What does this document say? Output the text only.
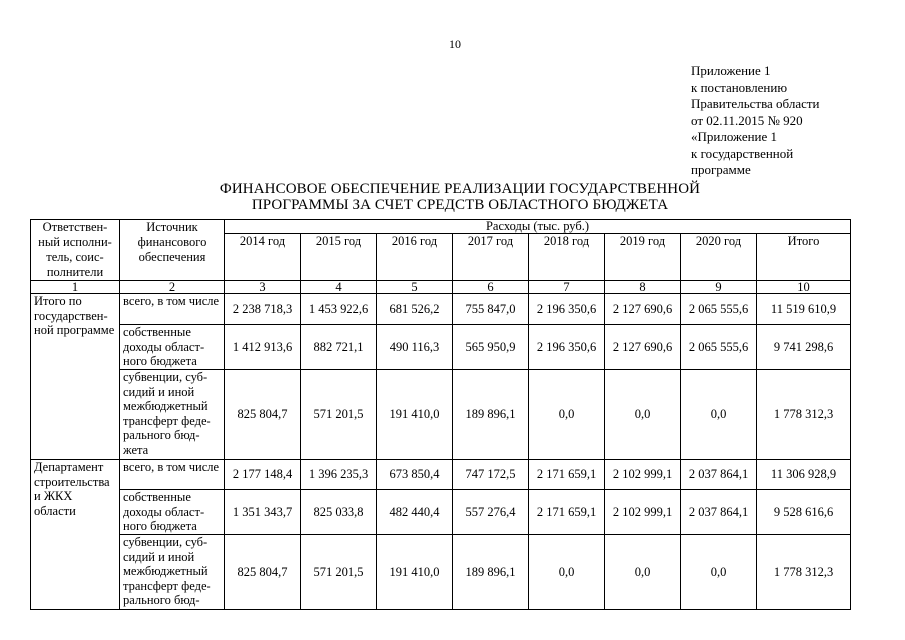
10
Приложение 1
к постановлению
Правительства области
от 02.11.2015 № 920
«Приложение 1
к государственной
программе
ФИНАНСОВОЕ ОБЕСПЕЧЕНИЕ РЕАЛИЗАЦИИ ГОСУДАРСТВЕННОЙ
ПРОГРАММЫ ЗА СЧЕТ СРЕДСТВ ОБЛАСТНОГО БЮДЖЕТА
Ответствен-ный исполни-тель, соис-полнители	Источник финансового обеспечения	Расходы (тыс. руб.)							
		2014 год	2015 год	2016 год	2017 год	2018 год	2019 год	2020 год	Итого
1	2	3	4	5	6	7	8	9	10
Итого по государствен-ной программе	всего, в том числе	2 238 718,3	1 453 922,6	681 526,2	755 847,0	2 196 350,6	2 127 690,6	2 065 555,6	11 519 610,9
	собственные доходы област-ного бюджета	1 412 913,6	882 721,1	490 116,3	565 950,9	2 196 350,6	2 127 690,6	2 065 555,6	9 741 298,6
	субвенции, суб-сидий и иной межбюджетный трансферт феде-рального бюд-жета	825 804,7	571 201,5	191 410,0	189 896,1	0,0	0,0	0,0	1 778 312,3
Департамент строительства и ЖКХ области	всего, в том числе	2 177 148,4	1 396 235,3	673 850,4	747 172,5	2 171 659,1	2 102 999,1	2 037 864,1	11 306 928,9
	собственные доходы област-ного бюджета	1 351 343,7	825 033,8	482 440,4	557 276,4	2 171 659,1	2 102 999,1	2 037 864,1	9 528 616,6
	субвенции, суб-сидий и иной межбюджетный трансферт феде-рального бюд-	825 804,7	571 201,5	191 410,0	189 896,1	0,0	0,0	0,0	1 778 312,3
